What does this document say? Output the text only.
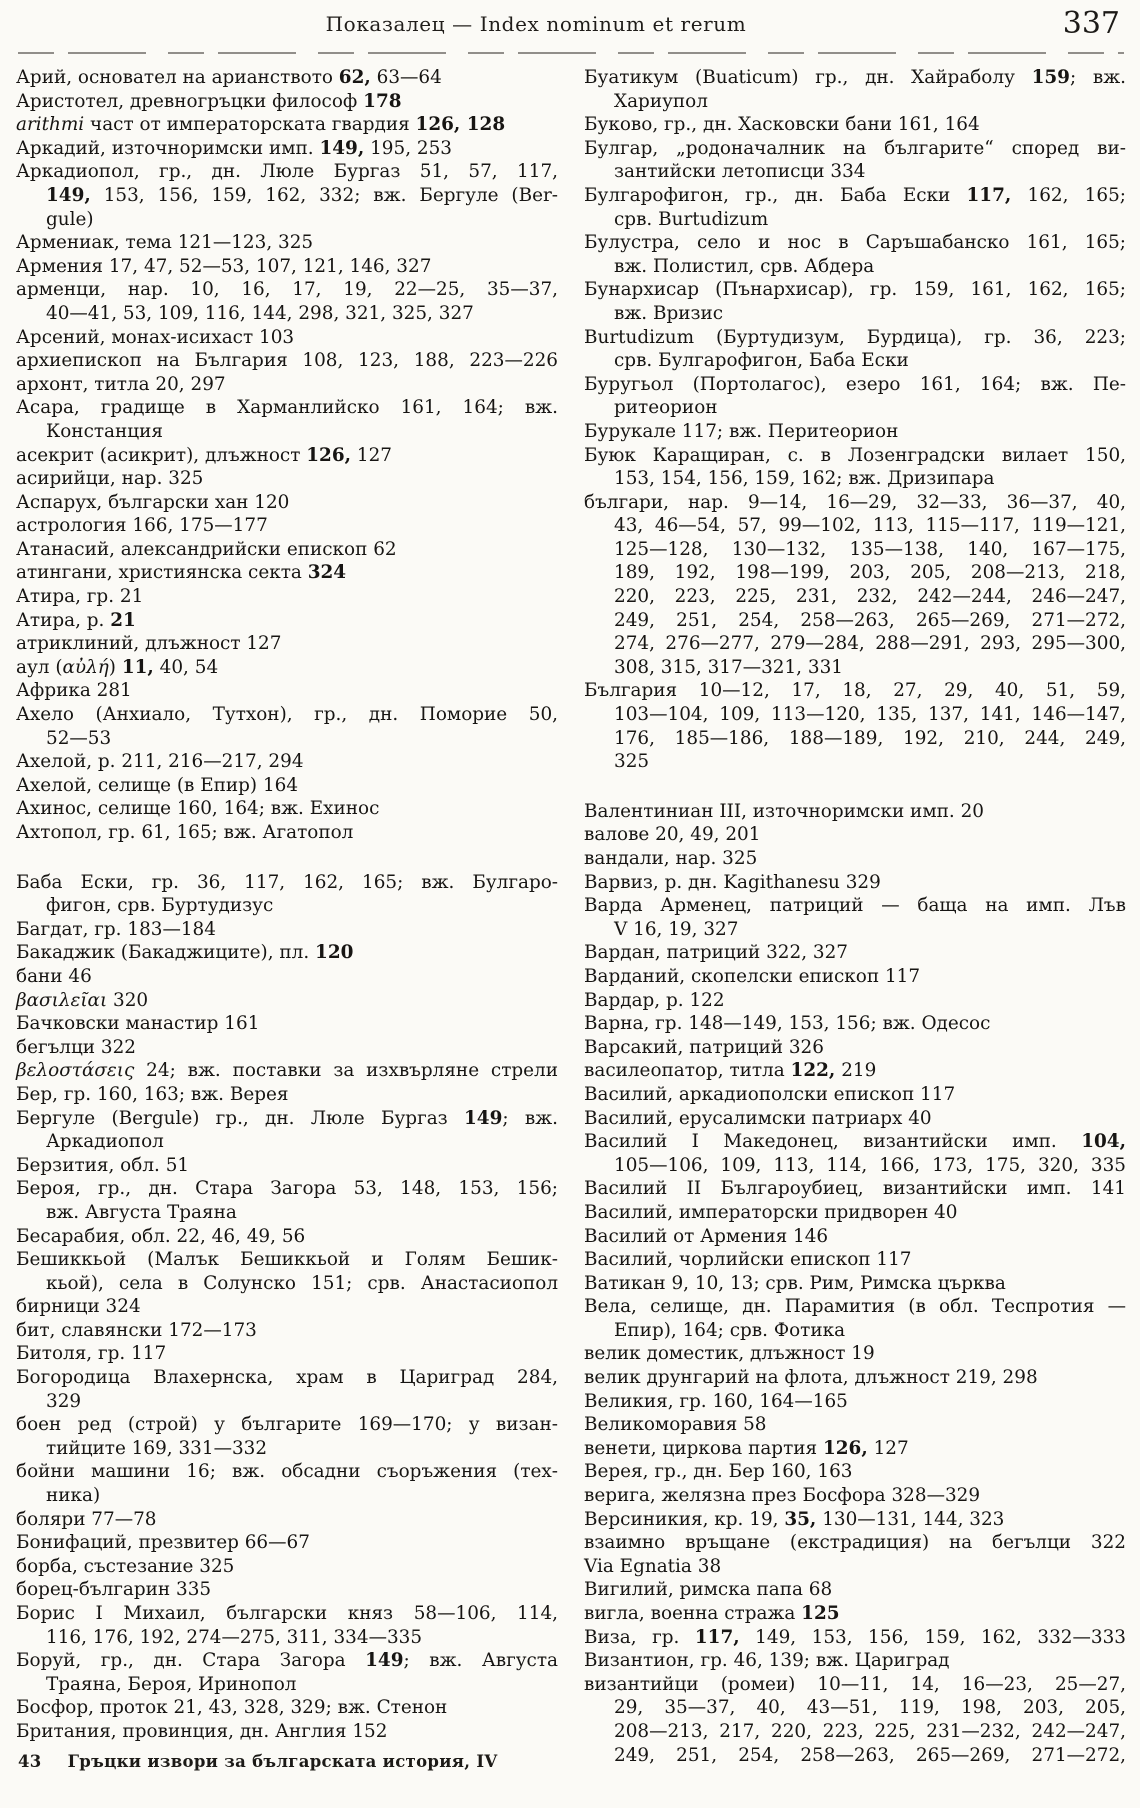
Показалец — Index nominum et rerum	337
Арий, основател на арианството 62, 63—64
Аристотел, древногръцки философ 178
arithmi част от императорската гвардия 126, 128
Аркадий, източноримски имп. 149, 195, 253
Аркадиопол, гр., дн. Люле Бургаз 51, 57, 117,
149, 153, 156, 159, 162, 332; вж. Бергуле (Ber-
gule)
Армениак, тема 121—123, 325
Армения 17, 47, 52—53, 107, 121, 146, 327
арменци, нар. 10, 16, 17, 19, 22—25, 35—37,
40—41, 53, 109, 116, 144, 298, 321, 325, 327
Арсений, монах-исихаст 103
архиепископ на България 108, 123, 188, 223—226
архонт, титла 20, 297
Асара, градище в Харманлийско 161, 164; вж.
Констанция
асекрит (асикрит), длъжност 126, 127
асирийци, нар. 325
Аспарух, български хан 120
астрология 166, 175—177
Атанасий, александрийски епископ 62
атингани, християнска секта 324
Атира, гр. 21
Атира, р. 21
атриклиний, длъжност 127
аул (αὐλή) 11, 40, 54
Африка 281
Ахело (Анхиало, Тутхон), гр., дн. Поморие 50,
52—53
Ахелой, р. 211, 216—217, 294
Ахелой, селище (в Епир) 164
Ахинос, селище 160, 164; вж. Ехинос
Ахтопол, гр. 61, 165; вж. Агатопол
Баба Ески, гр. 36, 117, 162, 165; вж. Булгаро-
фигон, срв. Буртудизус
Багдат, гр. 183—184
Бакаджик (Бакаджиците), пл. 120
бани 46
βασιλεῖαι 320
Бачковски манастир 161
бегълци 322
βελοστάσεις 24; вж. поставки за изхвърляне стрели
Бер, гр. 160, 163; вж. Верея
Бергуле (Bergule) гр., дн. Люле Бургаз 149; вж.
Аркадиопол
Берзития, обл. 51
Бероя, гр., дн. Стара Загора 53, 148, 153, 156;
вж. Августа Траяна
Бесарабия, обл. 22, 46, 49, 56
Бешиккьой (Малък Бешиккьой и Голям Бешик-
кьой), села в Солунско 151; срв. Анастасиопол
бирници 324
бит, славянски 172—173
Битоля, гр. 117
Богородица Влахернска, храм в Цариград 284,
329
боен ред (строй) у българите 169—170; у визан-
тийците 169, 331—332
бойни машини 16; вж. обсадни съоръжения (тех-
ника)
боляри 77—78
Бонифаций, презвитер 66—67
борба, състезание 325
борец-българин 335
Борис I Михаил, български княз 58—106, 114,
116, 176, 192, 274—275, 311, 334—335
Боруй, гр., дн. Стара Загора 149; вж. Августа
Траяна, Бероя, Иринопол
Босфор, проток 21, 43, 328, 329; вж. Стенон
Британия, провинция, дн. Англия 152
Буатикум (Buaticum) гр., дн. Хайраболу 159; вж.
Хариупол
Буково, гр., дн. Хасковски бани 161, 164
Булгар, „родоначалник на българите“ според ви-
зантийски летописци 334
Булгарофигон, гр., дн. Баба Ески 117, 162, 165;
срв. Burtudizum
Булустра, село и нос в Саръшабанско 161, 165;
вж. Полистил, срв. Абдера
Бунархисар (Пънархисар), гр. 159, 161, 162, 165;
вж. Вризис
Burtudizum (Буртудизум, Бурдица), гр. 36, 223;
срв. Булгарофигон, Баба Ески
Буругьол (Портолагос), езеро 161, 164; вж. Пе-
ритеорион
Бурукале 117; вж. Перитеорион
Буюк Каращиран, с. в Лозенградски вилает 150,
153, 154, 156, 159, 162; вж. Дризипара
българи, нар. 9—14, 16—29, 32—33, 36—37, 40,
43, 46—54, 57, 99—102, 113, 115—117, 119—121,
125—128, 130—132, 135—138, 140, 167—175,
189, 192, 198—199, 203, 205, 208—213, 218,
220, 223, 225, 231, 232, 242—244, 246—247,
249, 251, 254, 258—263, 265—269, 271—272,
274, 276—277, 279—284, 288—291, 293, 295—300,
308, 315, 317—321, 331
България 10—12, 17, 18, 27, 29, 40, 51, 59,
103—104, 109, 113—120, 135, 137, 141, 146—147,
176, 185—186, 188—189, 192, 210, 244, 249,
325
Валентиниан III, източноримски имп. 20
валове 20, 49, 201
вандали, нар. 325
Варвиз, р. дн. Kagithanesu 329
Варда Арменец, патриций — баща на имп. Лъв
V 16, 19, 327
Вардан, патриций 322, 327
Варданий, скопелски епископ 117
Вардар, р. 122
Варна, гр. 148—149, 153, 156; вж. Одесос
Варсакий, патриций 326
василеопатор, титла 122, 219
Василий, аркадиополски епископ 117
Василий, ерусалимски патриарх 40
Василий I Македонец, византийски имп. 104,
105—106, 109, 113, 114, 166, 173, 175, 320, 335
Василий II Българоубиец, византийски имп. 141
Василий, императорски придворен 40
Василий от Армения 146
Василий, чорлийски епископ 117
Ватикан 9, 10, 13; срв. Рим, Римска църква
Вела, селище, дн. Парамития (в обл. Теспротия —
Епир), 164; срв. Фотика
велик доместик, длъжност 19
велик друнгарий на флота, длъжност 219, 298
Великия, гр. 160, 164—165
Великоморавия 58
венети, циркова партия 126, 127
Верея, гр., дн. Бер 160, 163
верига, желязна през Босфора 328—329
Версиникия, кр. 19, 35, 130—131, 144, 323
взаимно връщане (екстрадиция) на бегълци 322
Via Egnatia 38
Вигилий, римска папа 68
вигла, военна стража 125
Виза, гр. 117, 149, 153, 156, 159, 162, 332—333
Византион, гр. 46, 139; вж. Цариград
византийци (ромеи) 10—11, 14, 16—23, 25—27,
29, 35—37, 40, 43—51, 119, 198, 203, 205,
208—213, 217, 220, 223, 225, 231—232, 242—247,
249, 251, 254, 258—263, 265—269, 271—272,
43 Гръцки извори за българската история, IV
